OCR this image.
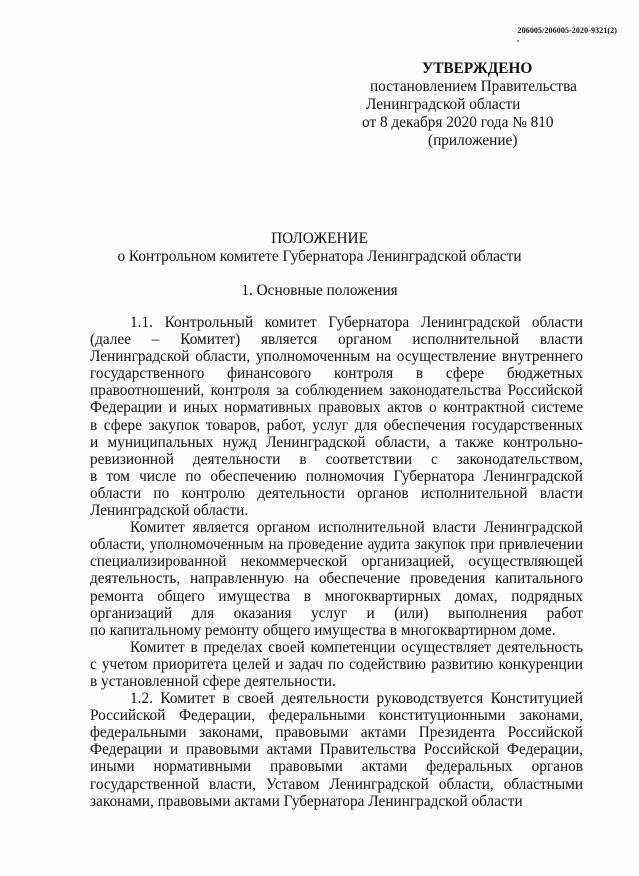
206005/206005-2020-9321(2)
УТВЕРЖДЕНО
постановлением Правительства
Ленинградской области
от 8 декабря 2020 года № 810
(приложение)
ПОЛОЖЕНИЕ
о Контрольном комитете Губернатора Ленинградской области
1. Основные положения

1.1. Контрольный комитет Губернатора Ленинградской области
(далее – Комитет) является органом исполнительной власти
Ленинградской области, уполномоченным на осуществление внутреннего
государственного финансового контроля в сфере бюджетных
правоотношений, контроля за соблюдением законодательства Российской
Федерации и иных нормативных правовых актов о контрактной системе
в сфере закупок товаров, работ, услуг для обеспечения государственных
и муниципальных нужд Ленинградской области, а также контрольно-
ревизионной деятельности в соответствии с законодательством,
в том числе по обеспечению полномочия Губернатора Ленинградской
области по контролю деятельности органов исполнительной власти
Ленинградской области.

Комитет является органом исполнительной власти Ленинградской
области, уполномоченным на проведение аудита закупок при привлечении
специализированной некоммерческой организацией, осуществляющей
деятельность, направленную на обеспечение проведения капитального
ремонта общего имущества в многоквартирных домах, подрядных
организаций для оказания услуг и (или) выполнения работ
по капитальному ремонту общего имущества в многоквартирном доме.

Комитет в пределах своей компетенции осуществляет деятельность
с учетом приоритета целей и задач по содействию развитию конкуренции
в установленной сфере деятельности.

1.2. Комитет в своей деятельности руководствуется Конституцией
Российской Федерации, федеральными конституционными законами,
федеральными законами, правовыми актами Президента Российской
Федерации и правовыми актами Правительства Российской Федерации,
иными нормативными правовыми актами федеральных органов
государственной власти, Уставом Ленинградской области, областными
законами, правовыми актами Губернатора Ленинградской области
